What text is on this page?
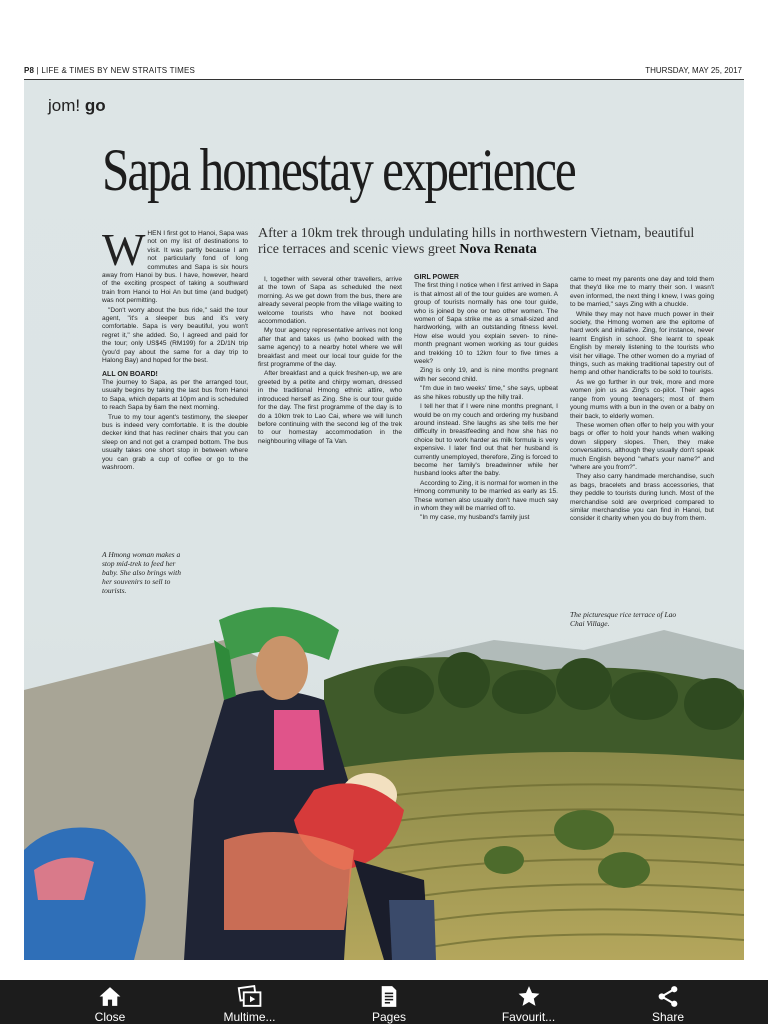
P8 | LIFE & TIMES BY NEW STRAITS TIMES	THURSDAY, MAY 25, 2017
jom! go
Sapa homestay experience
After a 10km trek through undulating hills in northwestern Vietnam, beautiful rice terraces and scenic views greet Nova Renata

WHEN I first got to Hanoi, Sapa was not on my list of destinations to visit. It was partly because I am not particularly fond of long commutes and Sapa is six hours away from Hanoi by bus. I have, however, heard of the exciting prospect of taking a southward train from Hanoi to Hoi An but time (and budget) was not permitting.

"Don't worry about the bus ride," said the tour agent, "it's a sleeper bus and it's very comfortable. Sapa is very beautiful, you won't regret it," she added. So, I agreed and paid for the tour; only US$45 (RM199) for a 2D/1N trip (you'd pay about the same for a day trip to Halong Bay) and hoped for the best.

ALL ON BOARD!

The journey to Sapa, as per the arranged tour, usually begins by taking the last bus from Hanoi to Sapa, which departs at 10pm and is scheduled to reach Sapa by 6am the next morning.

True to my tour agent's testimony, the sleeper bus is indeed very comfortable. It is the double decker kind that has recliner chairs that you can sleep on and not get a cramped bottom. The bus usually takes one short stop in between where you can grab a cup of coffee or go to the washroom.

I, together with several other travellers, arrive at the town of Sapa as scheduled the next morning. As we get down from the bus, there are already several people from the village waiting to welcome tourists who have not booked accommodation.

My tour agency representative arrives not long after that and takes us (who booked with the same agency) to a nearby hotel where we will breakfast and meet our local tour guide for the first programme of the day.

After breakfast and a quick freshen-up, we are greeted by a petite and chirpy woman, dressed in the traditional Hmong ethnic attire, who introduced herself as Zing. She is our tour guide for the day. The first programme of the day is to do a 10km trek to Lao Cai, where we will lunch before continuing with the second leg of the trek to our homestay accommodation in the neighbouring village of Ta Van.

GIRL POWER

The first thing I notice when I first arrived in Sapa is that almost all of the tour guides are women. A group of tourists normally has one tour guide, who is joined by one or two other women. The women of Sapa strike me as a small-sized and hardworking, with an outstanding fitness level. How else would you explain seven- to nine-month pregnant women working as tour guides and trekking 10 to 12km four to five times a week?

Zing is only 19, and is nine months pregnant with her second child.

"I'm due in two weeks' time," she says, upbeat as she hikes robustly up the hilly trail.

I tell her that if I were nine months pregnant, I would be on my couch and ordering my husband around instead. She laughs as she tells me her difficulty in breastfeeding and how she has no choice but to work harder as milk formula is very expensive. I later find out that her husband is currently unemployed, therefore, Zing is forced to become her family's breadwinner while her husband looks after the baby.

According to Zing, it is normal for women in the Hmong community to be married as early as 15. These women also usually don't have much say in whom they will be married off to.

"In my case, my husband's family just

came to meet my parents one day and told them that they'd like me to marry their son. I wasn't even informed, the next thing I knew, I was going to be married," says Zing with a chuckle.

While they may not have much power in their society, the Hmong women are the epitome of hard work and initiative. Zing, for instance, never learnt English in school. She learnt to speak English by merely listening to the tourists who visit her village. The other women do a myriad of things, such as making traditional tapestry out of hemp and other handicrafts to be sold to tourists.

As we go further in our trek, more and more women join us as Zing's co-pilot. Their ages range from young teenagers; most of them young mums with a bun in the oven or a baby on their back, to elderly women.

These women often offer to help you with your bags or offer to hold your hands when walking down slippery slopes. Then, they make conversations, although they usually don't speak much English beyond "what's your name?" and "where are you from?".

They also carry handmade merchandise, such as bags, bracelets and brass accessories, that they peddle to tourists during lunch. Most of the merchandise sold are overpriced compared to similar merchandise you can find in Hanoi, but consider it charity when you do buy from them.

A Hmong woman makes a stop mid-trek to feed her baby. She also brings with her souvenirs to sell to tourists.
The picturesque rice terrace of Lao Chai Village.
Close	Multime...	Pages	Favourit...	Share
